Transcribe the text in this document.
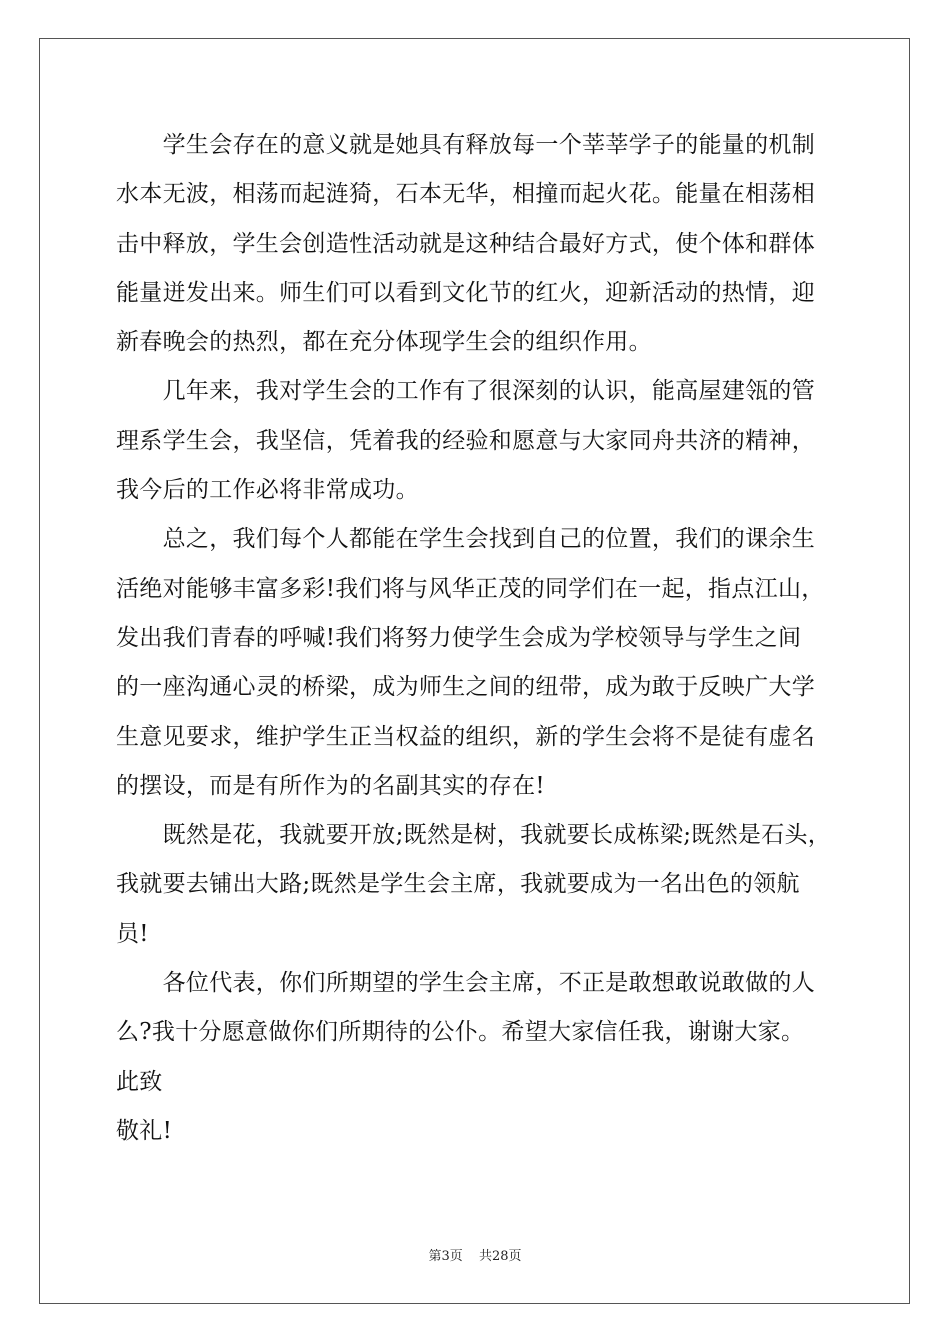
　　学生会存在的意义就是她具有释放每一个莘莘学子的能量的机制
水本无波，相荡而起涟猗，石本无华，相撞而起火花。能量在相荡相
击中释放，学生会创造性活动就是这种结合最好方式，使个体和群体
能量迸发出来。师生们可以看到文化节的红火，迎新活动的热情，迎
新春晚会的热烈，都在充分体现学生会的组织作用。
　　几年来，我对学生会的工作有了很深刻的认识，能高屋建瓴的管
理系学生会，我坚信，凭着我的经验和愿意与大家同舟共济的精神，
我今后的工作必将非常成功。
　　总之，我们每个人都能在学生会找到自己的位置，我们的课余生
活绝对能够丰富多彩!我们将与风华正茂的同学们在一起，指点江山，
发出我们青春的呼喊!我们将努力使学生会成为学校领导与学生之间
的一座沟通心灵的桥梁，成为师生之间的纽带，成为敢于反映广大学
生意见要求，维护学生正当权益的组织，新的学生会将不是徒有虚名
的摆设，而是有所作为的名副其实的存在!
　　既然是花，我就要开放;既然是树，我就要长成栋梁;既然是石头，
我就要去铺出大路;既然是学生会主席，我就要成为一名出色的领航
员!
　　各位代表，你们所期望的学生会主席，不正是敢想敢说敢做的人
么?我十分愿意做你们所期待的公仆。希望大家信任我，谢谢大家。
此致
敬礼!
第3页 共28页
